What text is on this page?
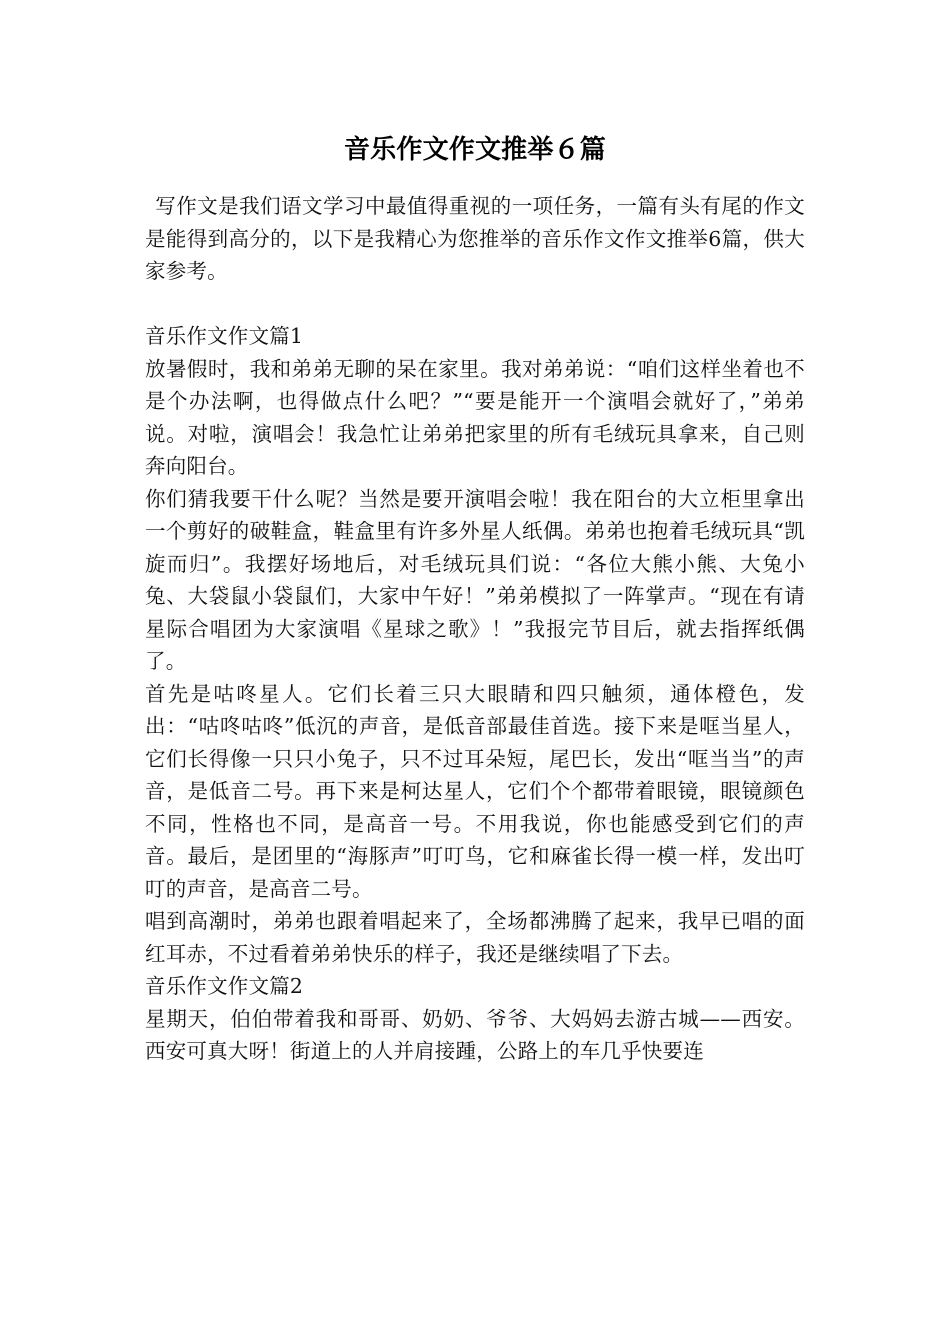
音乐作文作文推举６篇

写作文是我们语文学习中最值得重视的一项任务，一篇有头有尾的作文是能得到高分的，以下是我精心为您推举的音乐作文作文推举6篇，供大家参考。

音乐作文作文篇1

放暑假时，我和弟弟无聊的呆在家里。我对弟弟说：“咱们这样坐着也不是个办法啊，也得做点什么吧？”“要是能开一个演唱会就好了，”弟弟说。对啦，演唱会！我急忙让弟弟把家里的所有毛绒玩具拿来，自己则奔向阳台。

你们猜我要干什么呢？当然是要开演唱会啦！我在阳台的大立柜里拿出一个剪好的破鞋盒，鞋盒里有许多外星人纸偶。弟弟也抱着毛绒玩具“凯旋而归”。我摆好场地后，对毛绒玩具们说：“各位大熊小熊、大兔小兔、大袋鼠小袋鼠们，大家中午好！”弟弟模拟了一阵掌声。“现在有请星际合唱团为大家演唱《星球之歌》！”我报完节目后，就去指挥纸偶了。

首先是咕咚星人。它们长着三只大眼睛和四只触须，通体橙色，发出：“咕咚咕咚”低沉的声音，是低音部最佳首选。接下来是哐当星人，它们长得像一只只小兔子，只不过耳朵短，尾巴长，发出“哐当当”的声音，是低音二号。再下来是柯达星人，它们个个都带着眼镜，眼镜颜色不同，性格也不同，是高音一号。不用我说，你也能感受到它们的声音。最后，是团里的“海豚声”叮叮鸟，它和麻雀长得一模一样，发出叮叮的声音，是高音二号。

唱到高潮时，弟弟也跟着唱起来了，全场都沸腾了起来，我早已唱的面红耳赤，不过看着弟弟快乐的样子，我还是继续唱了下去。

音乐作文作文篇2

星期天，伯伯带着我和哥哥、奶奶、爷爷、大妈妈去游古城——西安。西安可真大呀！街道上的人并肩接踵，公路上的车几乎快要连
